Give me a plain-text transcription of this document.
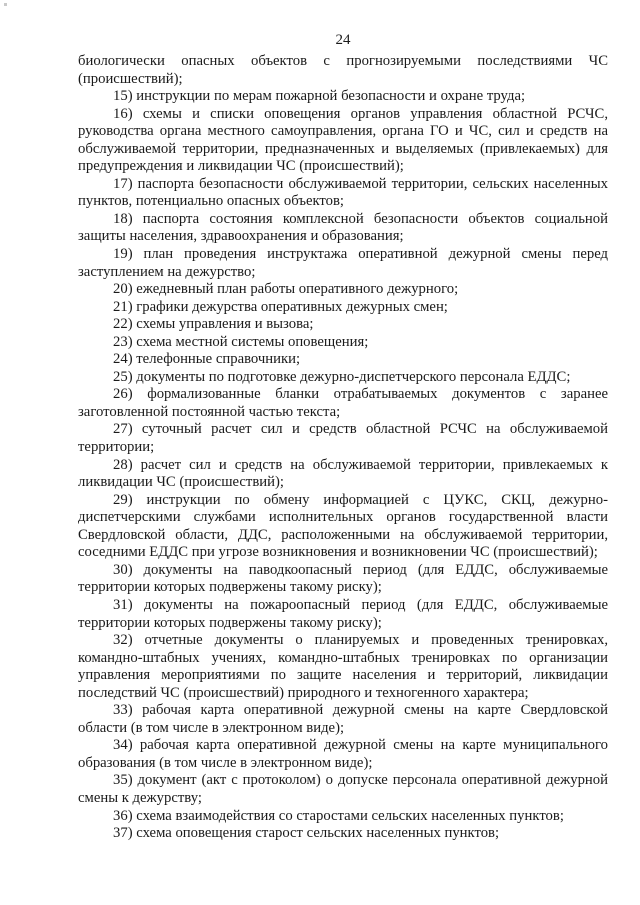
24

биологически опасных объектов с прогнозируемыми последствиями ЧС (происшествий);

15) инструкции по мерам пожарной безопасности и охране труда;

16) схемы и списки оповещения органов управления областной РСЧС, руководства органа местного самоуправления, органа ГО и ЧС, сил и средств на обслуживаемой территории, предназначенных и выделяемых (привлекаемых) для предупреждения и ликвидации ЧС (происшествий);

17) паспорта безопасности обслуживаемой территории, сельских населенных пунктов, потенциально опасных объектов;

18) паспорта состояния комплексной безопасности объектов социальной защиты населения, здравоохранения и образования;

19) план проведения инструктажа оперативной дежурной смены перед заступлением на дежурство;

20) ежедневный план работы оперативного дежурного;

21) графики дежурства оперативных дежурных смен;

22) схемы управления и вызова;

23) схема местной системы оповещения;

24) телефонные справочники;

25) документы по подготовке дежурно-диспетчерского персонала ЕДДС;

26) формализованные бланки отрабатываемых документов с заранее заготовленной постоянной частью текста;

27) суточный расчет сил и средств областной РСЧС на обслуживаемой территории;

28) расчет сил и средств на обслуживаемой территории, привлекаемых к ликвидации ЧС (происшествий);

29) инструкции по обмену информацией с ЦУКС, СКЦ, дежурно-диспетчерскими службами исполнительных органов государственной власти Свердловской области, ДДС, расположенными на обслуживаемой территории, соседними ЕДДС при угрозе возникновения и возникновении ЧС (происшествий);

30) документы на паводкоопасный период (для ЕДДС, обслуживаемые территории которых подвержены такому риску);

31) документы на пожароопасный период (для ЕДДС, обслуживаемые территории которых подвержены такому риску);

32) отчетные документы о планируемых и проведенных тренировках, командно-штабных учениях, командно-штабных тренировках по организации управления мероприятиями по защите населения и территорий, ликвидации последствий ЧС (происшествий) природного и техногенного характера;

33) рабочая карта оперативной дежурной смены на карте Свердловской области (в том числе в электронном виде);

34) рабочая карта оперативной дежурной смены на карте муниципального образования (в том числе в электронном виде);

35) документ (акт с протоколом) о допуске персонала оперативной дежурной смены к дежурству;

36) схема взаимодействия со старостами сельских населенных пунктов;

37) схема оповещения старост сельских населенных пунктов;
